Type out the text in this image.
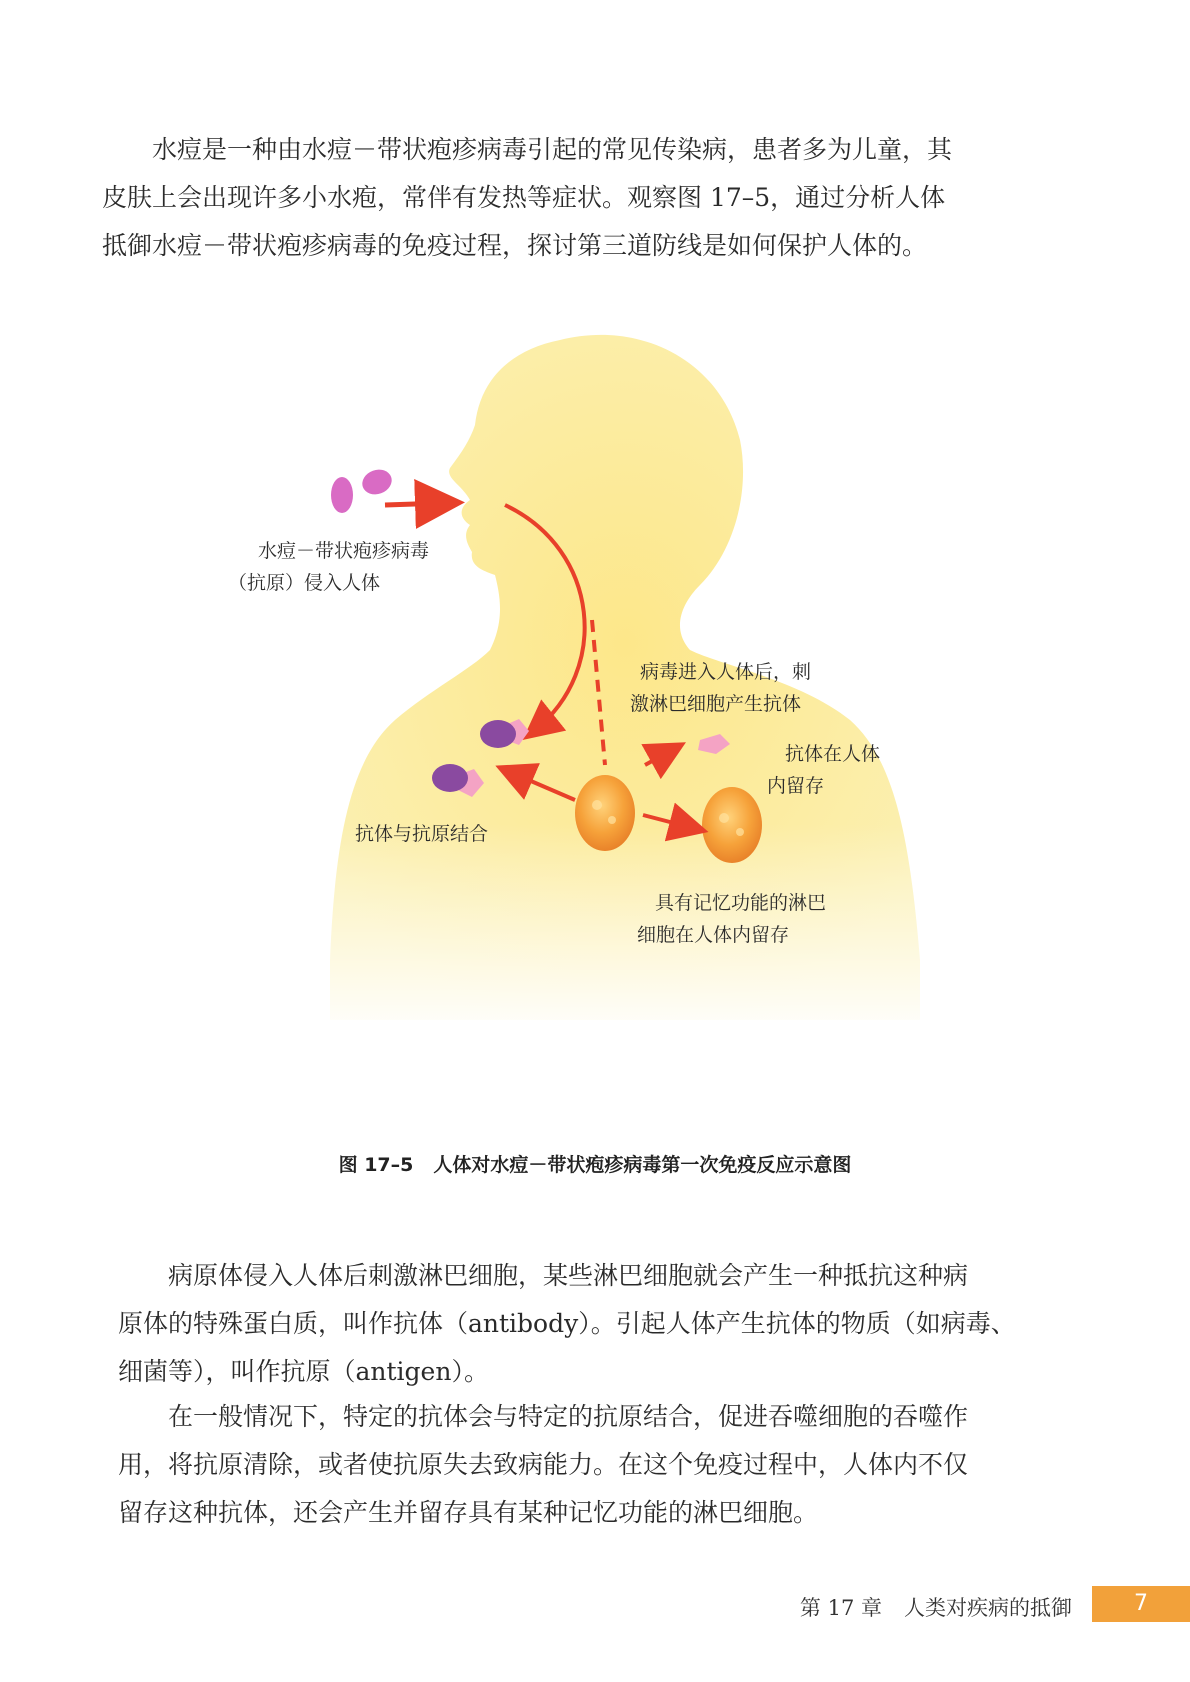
水痘是一种由水痘－带状疱疹病毒引起的常见传染病，患者多为儿童，其
皮肤上会出现许多小水疱，常伴有发热等症状。观察图 17–5，通过分析人体
抵御水痘－带状疱疹病毒的免疫过程，探讨第三道防线是如何保护人体的。

水痘－带状疱疹病毒
（抗原）侵入人体
病毒进入人体后，刺
激淋巴细胞产生抗体
抗体在人体
内留存
抗体与抗原结合
具有记忆功能的淋巴
细胞在人体内留存
图 17–5 人体对水痘－带状疱疹病毒第一次免疫反应示意图

病原体侵入人体后刺激淋巴细胞，某些淋巴细胞就会产生一种抵抗这种病
原体的特殊蛋白质，叫作抗体（antibody）。引起人体产生抗体的物质（如病毒、
细菌等），叫作抗原（antigen）。

在一般情况下，特定的抗体会与特定的抗原结合，促进吞噬细胞的吞噬作
用，将抗原清除，或者使抗原失去致病能力。在这个免疫过程中，人体内不仅
留存这种抗体，还会产生并留存具有某种记忆功能的淋巴细胞。

第 17 章 人类对疾病的抵御	7
